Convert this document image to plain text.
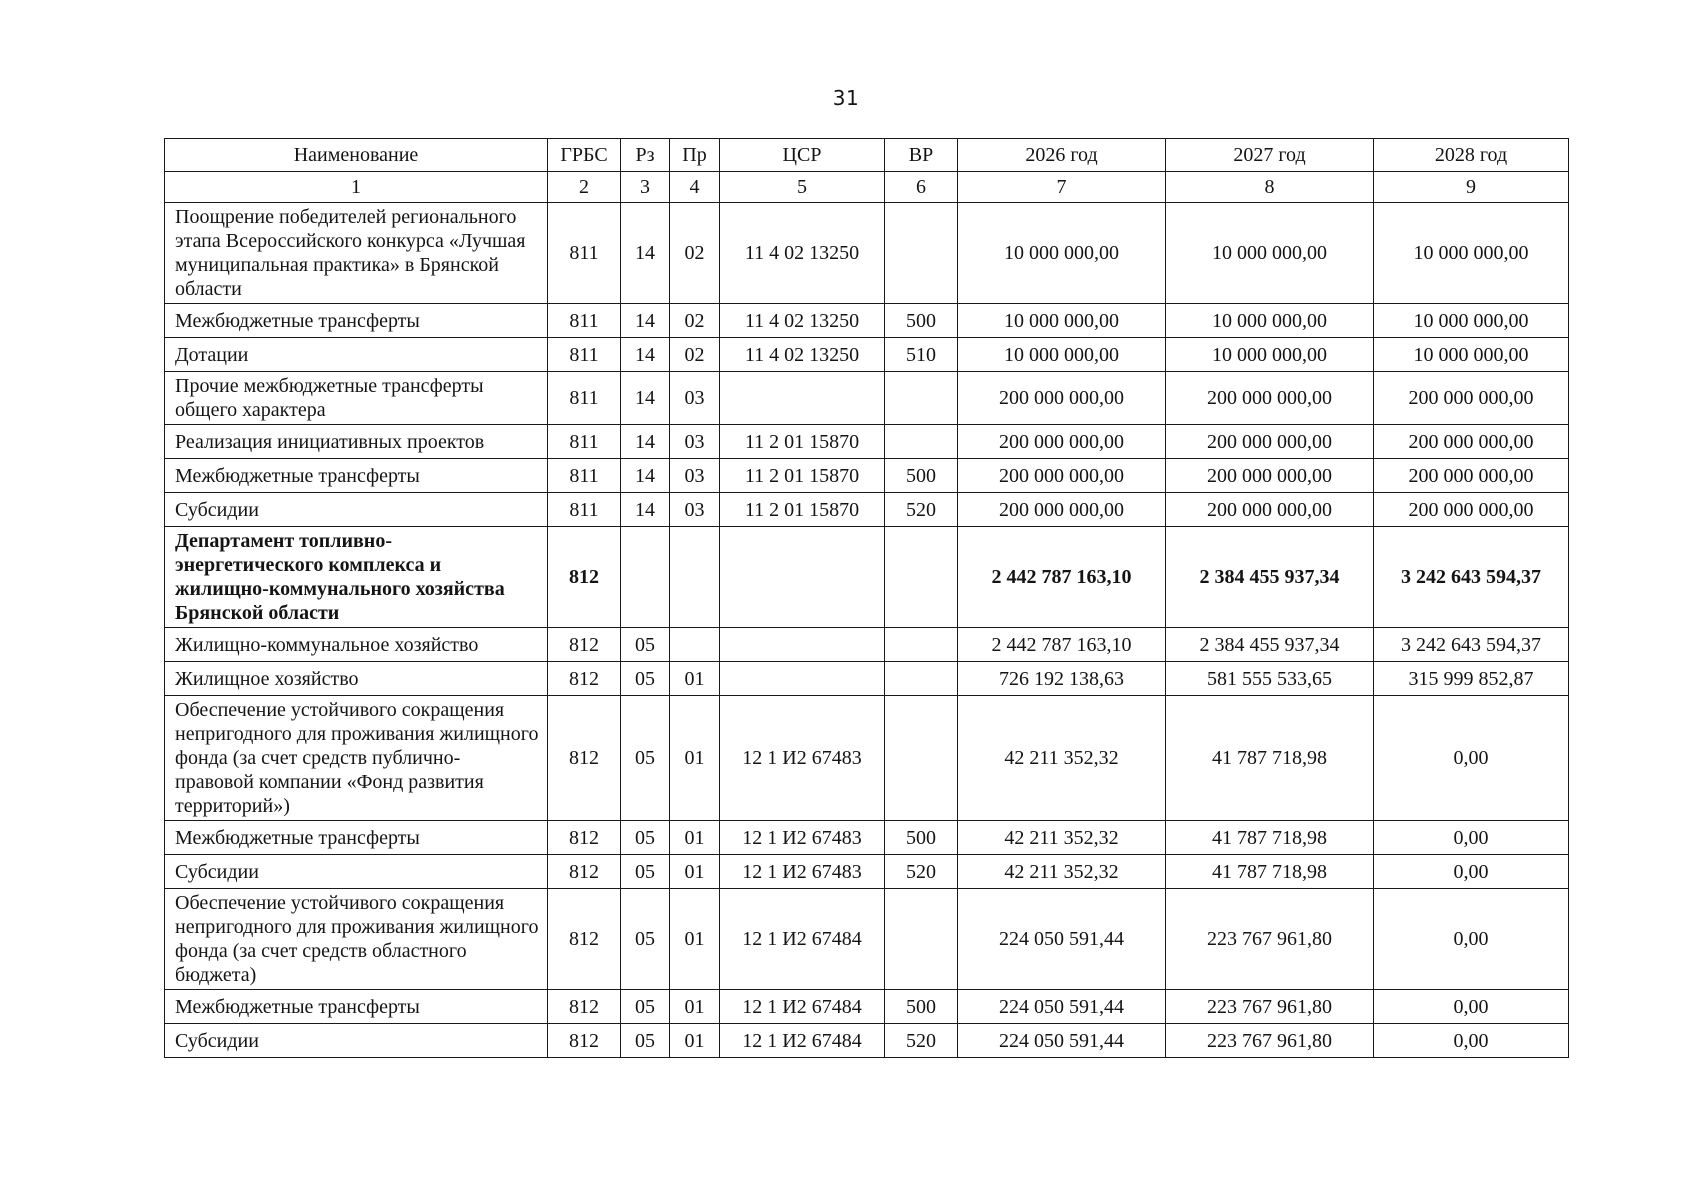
31
Наименование	ГРБС	Рз	Пр	ЦСР	ВР	2026 год	2027 год	2028 год
1	2	3	4	5	6	7	8	9
Поощрение победителей регионального этапа Всероссийского конкурса «Лучшая муниципальная практика» в Брянской области	811	14	02	11 4 02 13250		10 000 000,00	10 000 000,00	10 000 000,00
Межбюджетные трансферты	811	14	02	11 4 02 13250	500	10 000 000,00	10 000 000,00	10 000 000,00
Дотации	811	14	02	11 4 02 13250	510	10 000 000,00	10 000 000,00	10 000 000,00
Прочие межбюджетные трансферты общего характера	811	14	03			200 000 000,00	200 000 000,00	200 000 000,00
Реализация инициативных проектов	811	14	03	11 2 01 15870		200 000 000,00	200 000 000,00	200 000 000,00
Межбюджетные трансферты	811	14	03	11 2 01 15870	500	200 000 000,00	200 000 000,00	200 000 000,00
Субсидии	811	14	03	11 2 01 15870	520	200 000 000,00	200 000 000,00	200 000 000,00
Департамент топливно-энергетического комплекса и жилищно-коммунального хозяйства Брянской области	812					2 442 787 163,10	2 384 455 937,34	3 242 643 594,37
Жилищно-коммунальное хозяйство	812	05				2 442 787 163,10	2 384 455 937,34	3 242 643 594,37
Жилищное хозяйство	812	05	01			726 192 138,63	581 555 533,65	315 999 852,87
Обеспечение устойчивого сокращения непригодного для проживания жилищного фонда (за счет средств публично-правовой компании «Фонд развития территорий»)	812	05	01	12 1 И2 67483		42 211 352,32	41 787 718,98	0,00
Межбюджетные трансферты	812	05	01	12 1 И2 67483	500	42 211 352,32	41 787 718,98	0,00
Субсидии	812	05	01	12 1 И2 67483	520	42 211 352,32	41 787 718,98	0,00
Обеспечение устойчивого сокращения непригодного для проживания жилищного фонда (за счет средств областного бюджета)	812	05	01	12 1 И2 67484		224 050 591,44	223 767 961,80	0,00
Межбюджетные трансферты	812	05	01	12 1 И2 67484	500	224 050 591,44	223 767 961,80	0,00
Субсидии	812	05	01	12 1 И2 67484	520	224 050 591,44	223 767 961,80	0,00
